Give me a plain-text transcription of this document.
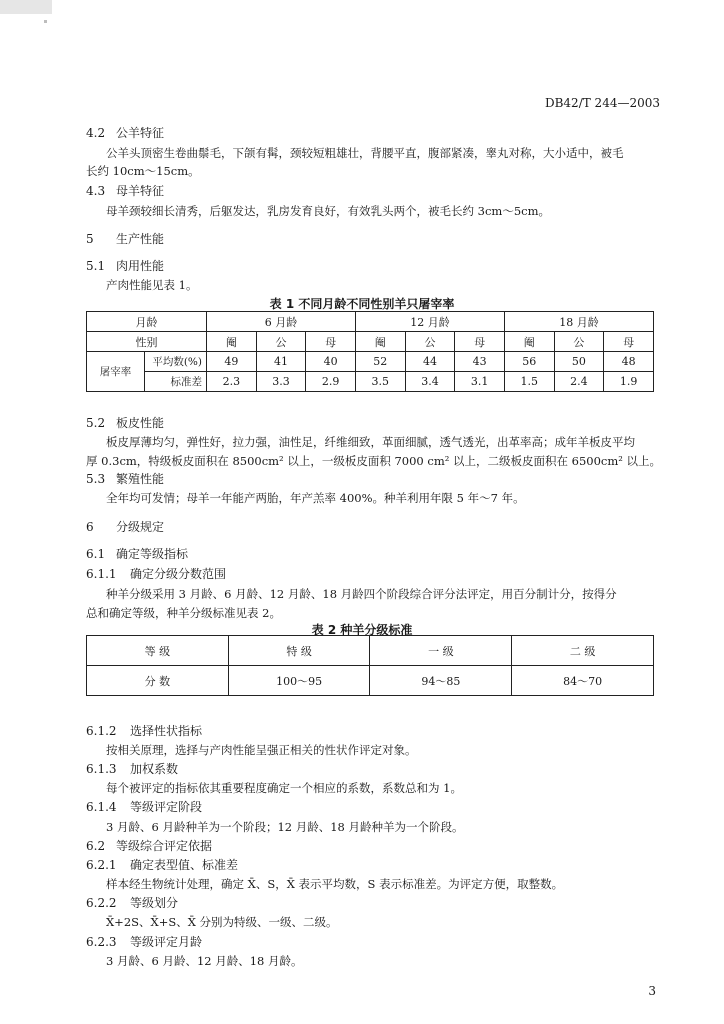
DB42/T 244—2003
4.2 公羊特征
公羊头顶密生卷曲鬃毛，下颌有髯，颈较短粗雄壮，背腰平直，腹部紧凑，睾丸对称，大小适中，被毛
长约 10cm～15cm。
4.3 母羊特征
母羊颈较细长清秀，后躯发达，乳房发育良好，有效乳头两个，被毛长约 3cm～5cm。
5 生产性能
5.1 肉用性能
产肉性能见表 1。
表 1 不同月龄不同性别羊只屠宰率
月龄		6 月龄			12 月龄			18 月龄		
性别		阉	公	母	阉	公	母	阉	公	母
屠宰率	平均数(%)	49	41	40	52	44	43	56	50	48
	标准差	2.3	3.3	2.9	3.5	3.4	3.1	1.5	2.4	1.9
5.2 板皮性能
板皮厚薄均匀，弹性好，拉力强，油性足，纤维细致，革面细腻，透气透光，出革率高；成年羊板皮平均
厚 0.3cm，特级板皮面积在 8500cm² 以上，一级板皮面积 7000 cm² 以上，二级板皮面积在 6500cm² 以上。
5.3 繁殖性能
全年均可发情；母羊一年能产两胎，年产羔率 400%。种羊利用年限 5 年～7 年。
6 分级规定
6.1 确定等级指标
6.1.1 确定分级分数范围
种羊分级采用 3 月龄、6 月龄、12 月龄、18 月龄四个阶段综合评分法评定，用百分制计分，按得分
总和确定等级，种羊分级标准见表 2。
表 2 种羊分级标准
等 级	特 级	一 级	二 级
分 数	100～95	94～85	84～70
6.1.2 选择性状指标
按相关原理，选择与产肉性能呈强正相关的性状作评定对象。
6.1.3 加权系数
每个被评定的指标依其重要程度确定一个相应的系数，系数总和为 1。
6.1.4 等级评定阶段
3 月龄、6 月龄种羊为一个阶段；12 月龄、18 月龄种羊为一个阶段。
6.2 等级综合评定依据
6.2.1 确定表型值、标准差
样本经生物统计处理，确定 X̄、S，X̄ 表示平均数，S 表示标准差。为评定方便，取整数。
6.2.2 等级划分
X̄+2S、X̄+S、X̄ 分别为特级、一级、二级。
6.2.3 等级评定月龄
3 月龄、6 月龄、12 月龄、18 月龄。
3
